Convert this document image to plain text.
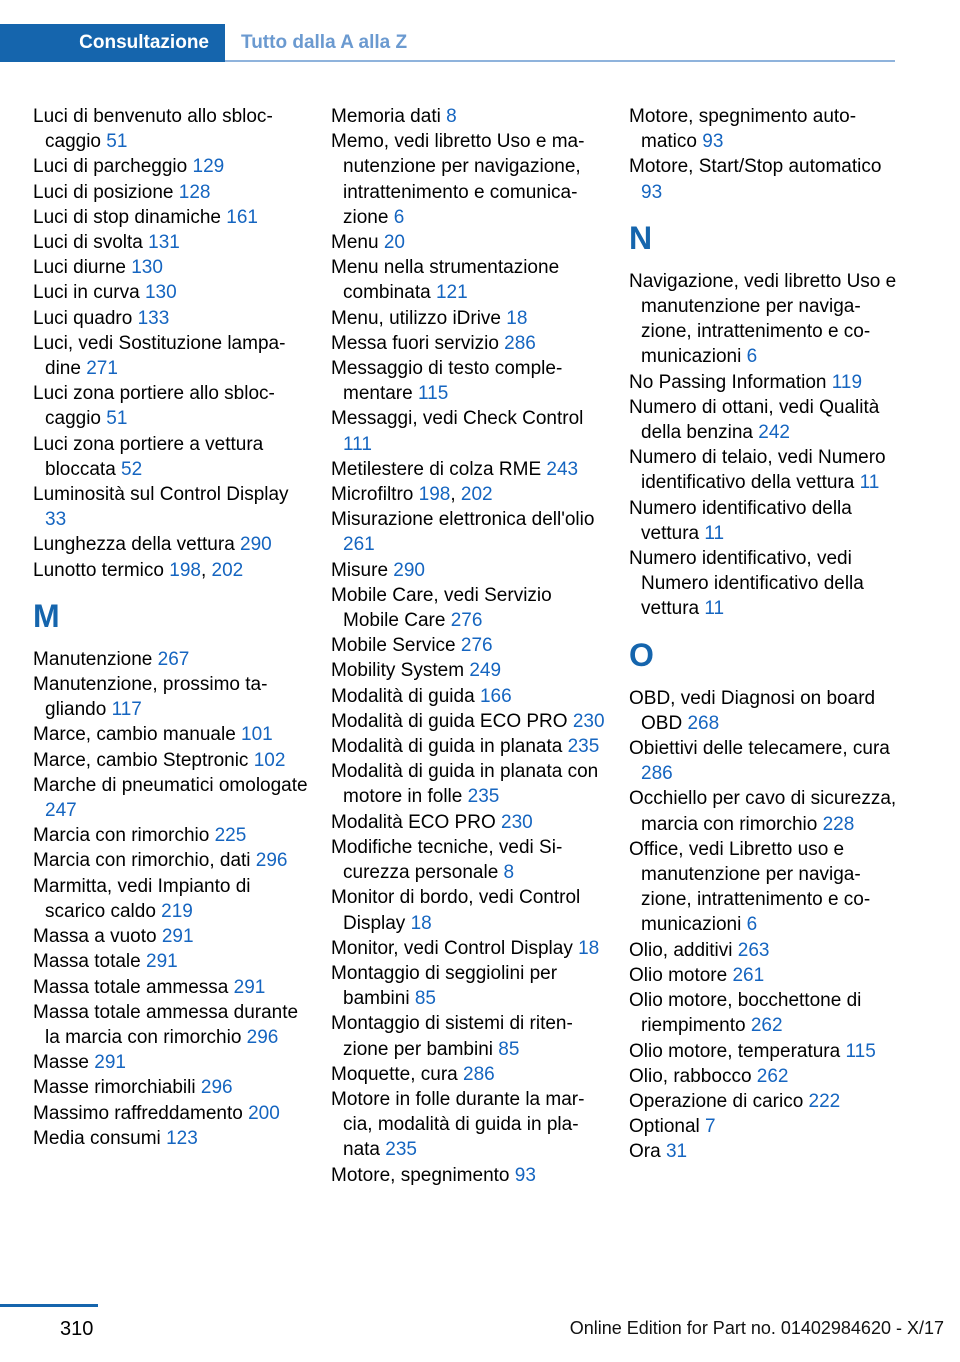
Consultazione	Tutto dalla A alla Z
Luci di benvenuto allo sbloccaggio 51
Luci di parcheggio 129
Luci di posizione 128
Luci di stop dinamiche 161
Luci di svolta 131
Luci diurne 130
Luci in curva 130
Luci quadro 133
Luci, vedi Sostituzione lampadine 271
Luci zona portiere allo sbloccaggio 51
Luci zona portiere a vettura bloccata 52
Luminosità sul Control Display 33
Lunghezza della vettura 290
Lunotto termico 198, 202
M
Manutenzione 267
Manutenzione, prossimo tagliando 117
Marce, cambio manuale 101
Marce, cambio Steptronic 102
Marche di pneumatici omologate 247
Marcia con rimorchio 225
Marcia con rimorchio, dati 296
Marmitta, vedi Impianto di scarico caldo 219
Massa a vuoto 291
Massa totale 291
Massa totale ammessa 291
Massa totale ammessa durante la marcia con rimorchio 296
Masse 291
Masse rimorchiabili 296
Massimo raffreddamento 200
Media consumi 123
Memoria dati 8
Memo, vedi libretto Uso e manutenzione per navigazione, intrattenimento e comunicazione 6
Menu 20
Menu nella strumentazione combinata 121
Menu, utilizzo iDrive 18
Messa fuori servizio 286
Messaggio di testo complementare 115
Messaggi, vedi Check Control 111
Metilestere di colza RME 243
Microfiltro 198, 202
Misurazione elettronica dell'olio 261
Misure 290
Mobile Care, vedi Servizio Mobile Care 276
Mobile Service 276
Mobility System 249
Modalità di guida 166
Modalità di guida ECO PRO 230
Modalità di guida in planata 235
Modalità di guida in planata con motore in folle 235
Modalità ECO PRO 230
Modifiche tecniche, vedi Sicurezza personale 8
Monitor di bordo, vedi Control Display 18
Monitor, vedi Control Display 18
Montaggio di seggiolini per bambini 85
Montaggio di sistemi di ritenzione per bambini 85
Moquette, cura 286
Motore in folle durante la marcia, modalità di guida in planata 235
Motore, spegnimento 93
Motore, spegnimento automatico 93
Motore, Start/Stop automatico 93
N
Navigazione, vedi libretto Uso e manutenzione per navigazione, intrattenimento e comunicazioni 6
No Passing Information 119
Numero di ottani, vedi Qualità della benzina 242
Numero di telaio, vedi Numero identificativo della vettura 11
Numero identificativo della vettura 11
Numero identificativo, vedi Numero identificativo della vettura 11
O
OBD, vedi Diagnosi on board OBD 268
Obiettivi delle telecamere, cura 286
Occhiello per cavo di sicurezza, marcia con rimorchio 228
Office, vedi Libretto uso e manutenzione per navigazione, intrattenimento e comunicazioni 6
Olio, additivi 263
Olio motore 261
Olio motore, bocchettone di riempimento 262
Olio motore, temperatura 115
Olio, rabbocco 262
Operazione di carico 222
Optional 7
Ora 31
310	Online Edition for Part no. 01402984620 - X/17
